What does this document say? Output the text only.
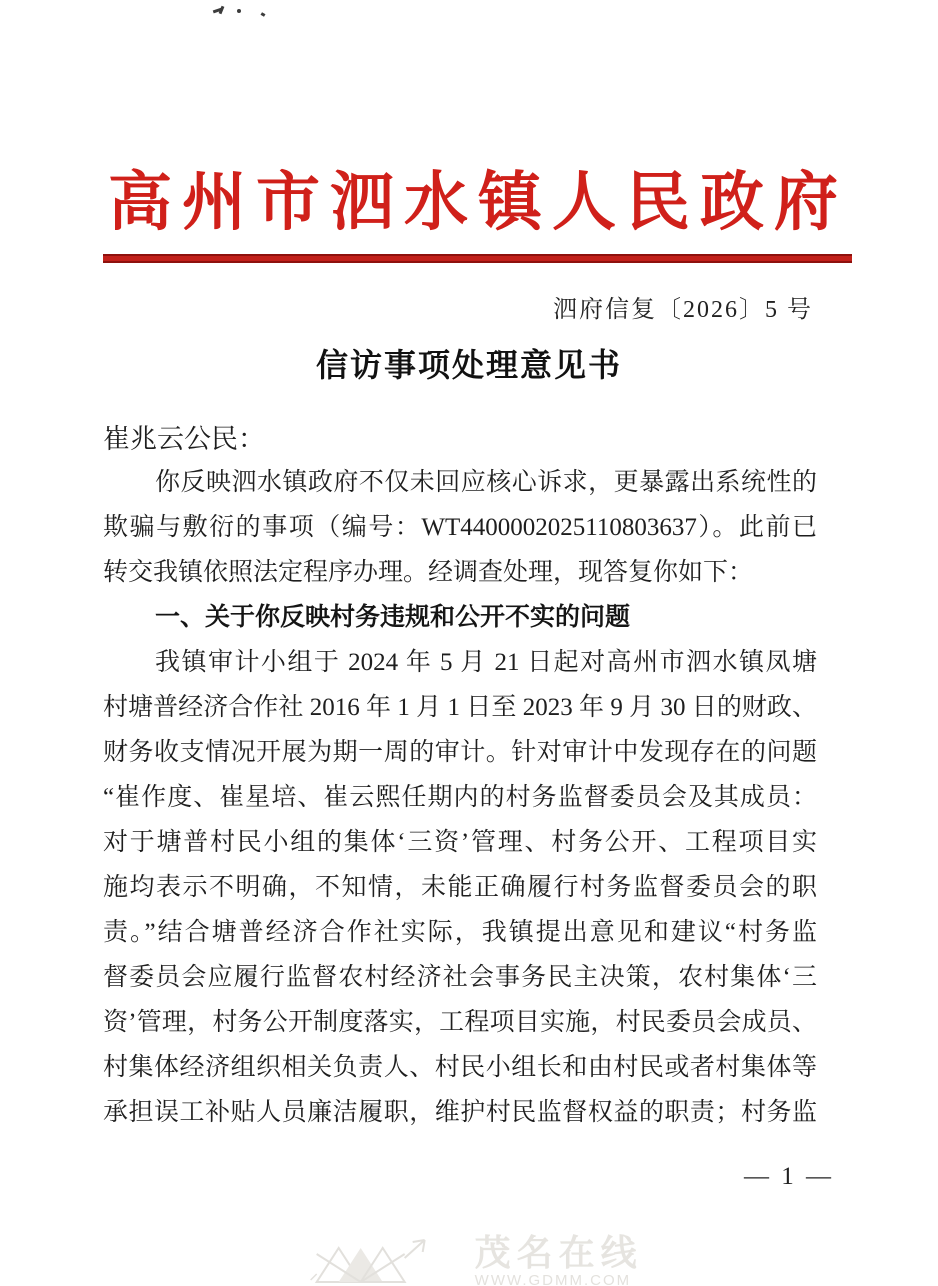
高州市泗水镇人民政府
泗府信复〔2026〕5 号
信访事项处理意见书
崔兆云公民：
你反映泗水镇政府不仅未回应核心诉求，更暴露出系统性的
欺骗与敷衍的事项（编号：WT4400002025110803637）。此前已
转交我镇依照法定程序办理。经调查处理，现答复你如下：
一、关于你反映村务违规和公开不实的问题
我镇审计小组于 2024 年 5 月 21 日起对高州市泗水镇凤塘
村塘普经济合作社 2016 年 1 月 1 日至 2023 年 9 月 30 日的财政、
财务收支情况开展为期一周的审计。针对审计中发现存在的问题
“崔作度、崔星培、崔云熙任期内的村务监督委员会及其成员：
对于塘普村民小组的集体‘三资’管理、村务公开、工程项目实
施均表示不明确，不知情，未能正确履行村务监督委员会的职
责。”结合塘普经济合作社实际，我镇提出意见和建议“村务监
督委员会应履行监督农村经济社会事务民主决策，农村集体‘三
资’管理，村务公开制度落实，工程项目实施，村民委员会成员、
村集体经济组织相关负责人、村民小组长和由村民或者村集体等
承担误工补贴人员廉洁履职，维护村民监督权益的职责；村务监
— 1 —
茂名在线
WWW.GDMM.COM
